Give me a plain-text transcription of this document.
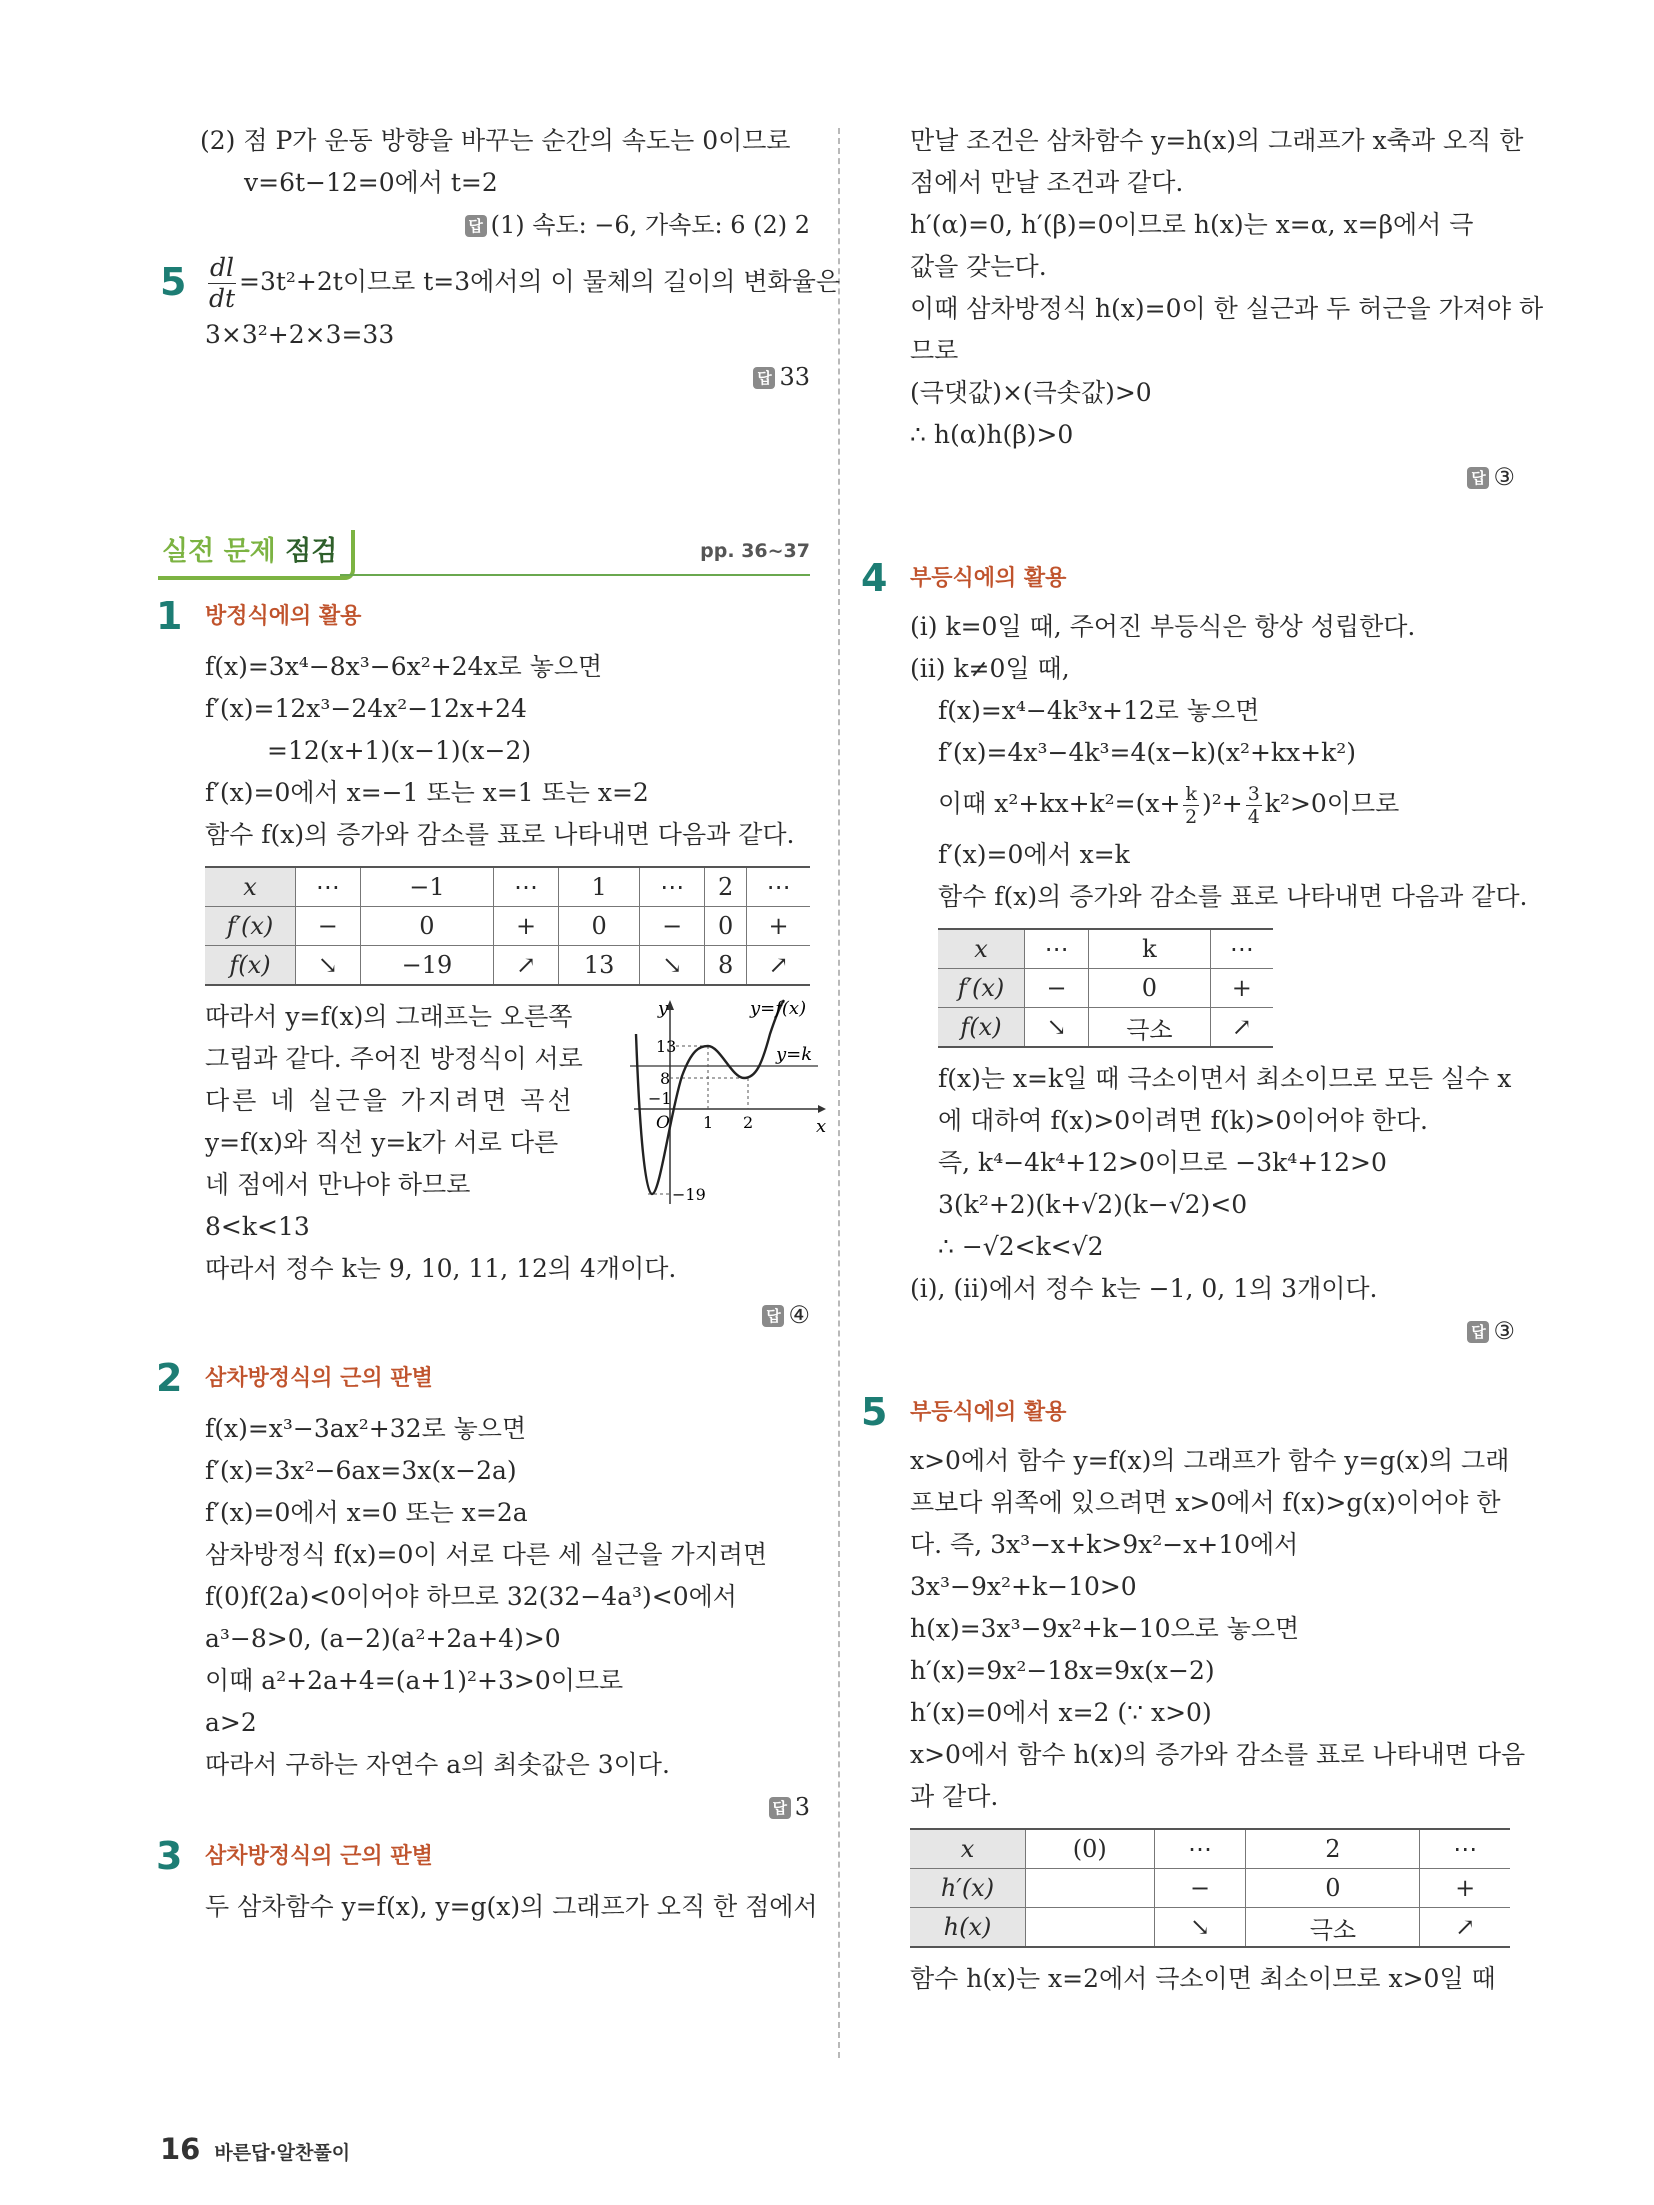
(2) 점 P가 운동 방향을 바꾸는 순간의 속도는 0이므로
v=6t−12=0에서 t=2
답 (1) 속도: −6, 가속도: 6 (2) 2
$5 \frac{dl}{dt} =3t^2+2t$이므로 t=3에서의 이 물체의 길이의 변화율은
3×3²+2×3=33
답 33
실전 문제 점검	pp. 36~37
1 방정식에의 활용
f(x)=3x⁴−8x³−6x²+24x로 놓으면
f′(x)=12x³−24x²−12x+24
=12(x+1)(x−1)(x−2)
f′(x)=0에서 x=−1 또는 x=1 또는 x=2
함수 f(x)의 증가와 감소를 표로 나타내면 다음과 같다.
x	⋯	−1	⋯	1	⋯	2	⋯
f′(x)	−	0	+	0	−	0	+
f(x)	↘	−19	↗	13	↘	8	↗
따라서 y=f(x)의 그래프는 오른쪽
그림과 같다. 주어진 방정식이 서로
다른 네 실근을 가지려면 곡선
y=f(x)와 직선 y=k가 서로 다른
네 점에서 만나야 하므로
8<k<13
따라서 정수 k는 9, 10, 11, 12의 4개이다.
y	y=f(x)
y=k
x
13
8
−1
−19
O 1 2
답 ④
2 삼차방정식의 근의 판별
f(x)=x³−3ax²+32로 놓으면
f′(x)=3x²−6ax=3x(x−2a)
f′(x)=0에서 x=0 또는 x=2a
삼차방정식 f(x)=0이 서로 다른 세 실근을 가지려면
f(0)f(2a)<0이어야 하므로 32(32−4a³)<0에서
a³−8>0, (a−2)(a²+2a+4)>0
이때 a²+2a+4=(a+1)²+3>0이므로
a>2
따라서 구하는 자연수 a의 최솟값은 3이다.
답 3
3 삼차방정식의 근의 판별
두 삼차함수 y=f(x), y=g(x)의 그래프가 오직 한 점에서
만날 조건은 삼차함수 y=h(x)의 그래프가 x축과 오직 한
점에서 만날 조건과 같다.
h′(α)=0, h′(β)=0이므로 h(x)는 x=α, x=β에서 극
값을 갖는다.
이때 삼차방정식 h(x)=0이 한 실근과 두 허근을 가져야 하
므로
(극댓값)×(극솟값)>0
∴ h(α)h(β)>0
답 ③
4 부등식에의 활용
(i) k=0일 때, 주어진 부등식은 항상 성립한다.
(ii) k≠0일 때,
f(x)=x⁴−4k³x+12로 놓으면
f′(x)=4x³−4k³=4(x−k)(x²+kx+k²)
이때 $x^2+kx+k^2=(x+ \frac{k}{2} )^2+ \frac{3}{4} k^2>0$이므로
f′(x)=0에서 x=k
함수 f(x)의 증가와 감소를 표로 나타내면 다음과 같다.
x	⋯	k	⋯
f′(x)	−	0	+
f(x)	↘	극소	↗
f(x)는 x=k일 때 극소이면서 최소이므로 모든 실수 x
에 대하여 f(x)>0이려면 f(k)>0이어야 한다.
즉, k⁴−4k⁴+12>0이므로 −3k⁴+12>0
3(k²+2)(k+√2)(k−√2)<0
∴ −√2<k<√2
(i), (ii)에서 정수 k는 −1, 0, 1의 3개이다.
답 ③
5 부등식에의 활용
x>0에서 함수 y=f(x)의 그래프가 함수 y=g(x)의 그래
프보다 위쪽에 있으려면 x>0에서 f(x)>g(x)이어야 한
다. 즉, 3x³−x+k>9x²−x+10에서
3x³−9x²+k−10>0
h(x)=3x³−9x²+k−10으로 놓으면
h′(x)=9x²−18x=9x(x−2)
h′(x)=0에서 x=2 (∵ x>0)
x>0에서 함수 h(x)의 증가와 감소를 표로 나타내면 다음
과 같다.
x	(0)	⋯	2	⋯
h′(x)		−	0	+
h(x)		↘	극소	↗
함수 h(x)는 x=2에서 극소이면 최소이므로 x>0일 때
16 바른답·알찬풀이
